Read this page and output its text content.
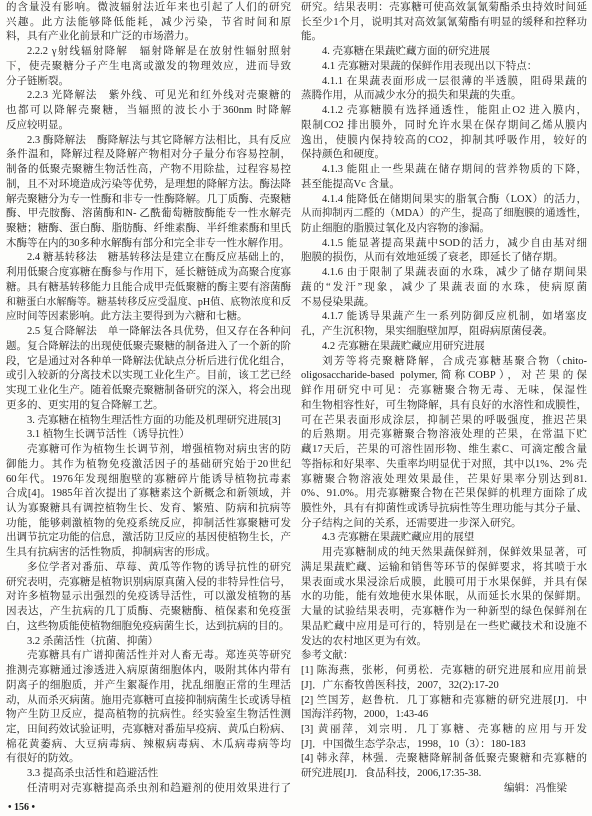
的含量没有影响。微波辐射法近年来也引起了人们的研究
兴趣。此方法能够降低能耗，减少污染，节省时间和原
料，具有产业化前景和广泛的市场潜力。
2.2.2 γ射线辐射降解　辐射降解是在放射性辐射照射
下，使壳聚糖分子产生电离或激发的物理效应，进而导致
分子链断裂。
2.2.3 光降解法　紫外线、可见光和红外线对壳聚糖的
也都可以降解壳聚糖，当辐照的波长小于360nm 时降解
反应较明显。
2.3 酶降解法　酶降解法与其它降解方法相比，具有反应
条件温和，降解过程及降解产物相对分子量分布容易控制，
制备的低聚壳聚糖生物活性高，产物不用除盐，过程容易控
制，且不对环境造成污染等优势，是理想的降解方法。酶法降
解壳聚糖分为专一性酶和非专一性酶降解。几丁质酶、壳聚糖
酶、甲壳胺酶、溶菌酶和N- 乙酰葡萄糖胺酶能专一性水解壳
聚糖；糖酶、蛋白酶、脂肪酶、纤维素酶、半纤维素酶和里氏
木酶等在内的30多种水解酶有部分和完全非专一性水解作用。
2.4 糖基转移法　糖基转移法是建立在酶反应基础上的，
利用低聚合度寡糖在酶参与作用下，延长糖链成为高聚合度寡
糖。具有糖基转移能力且能合成甲壳低聚糖的酶主要有溶菌酶
和糖蛋白水解酶等。糖基转移反应受温度、pH值、底物浓度和反
应时间等因素影响。此方法主要得到为六糖和七糖。
2.5 复合降解法　单一降解法各具优势，但又存在各种问
题。复合降解法的出现使低聚壳聚糖的制备进入了一个新的阶
段，它是通过对各种单一降解法优缺点分析后进行优化组合，
或引入较新的分离技术以实现工业化生产。目前，该工艺已经
实现工业化生产。随着低聚壳聚糖制备研究的深入，将会出现
更多的、更实用的复合降解工艺。
3. 壳寡糖在植物生理活性方面的功能及机理研究进展[3]
3.1 植物生长调节活性（诱导抗性）
壳寡糖可作为植物生长调节剂，增强植物对病虫害的防
御能力。其作为植物免疫激活因子的基础研究始于20世纪
60年代。1976年发现细胞壁的寡糖碎片能诱导植物抗毒素
合成[4]。1985年首次提出了寡糖素这个新概念和新领域，并
认为寡聚糖具有调控植物生长、发育、繁殖、防病和抗病等
功能，能够刺激植物的免疫系统反应，抑制活性寡聚糖可发
出调节抗定功能的信息，激活防卫反应的基因使植物生长，产
生具有抗病害的活性物质，抑制病害的形成。
多位学者对番茄、草莓、黄瓜等作物的诱导抗性的研究
研究表明，壳寡糖是植物识别病原真菌入侵的非特异性信号，
对许多植物显示出强烈的免疫诱导活性，可以激发植物的基
因表达，产生抗病的几丁质酶、壳聚糖酶、植保素和免疫蛋
白，这些物质能使植物细胞免疫病菌生长，达到抗病的目的。
3.2 杀菌活性（抗菌、抑菌）
壳寡糖具有广谱抑菌活性并对人畜无毒。郑连英等研究
推测壳寡糖通过渗透进入病原菌细胞体内，吸附其体内带有
阴离子的细胞质，并产生絮凝作用，扰乱细胞正常的生理活
动，从而杀灭病菌。施用壳寡糖可直接抑制病菌生长或诱导植
物产生防卫反应，提高植物的抗病性。经实验室生物活性测
定，田间药效试验证明，壳寡糖对番茄早疫病、黄瓜白粉病、
棉花黄萎病、大豆病毒病、辣椒病毒病、木瓜病毒病等均
有很好的防效。
3.3 提高杀虫活性和趋避活性
任清明对壳寡糖提高杀虫剂和趋避剂的使用效果进行了
研究。结果表明：壳寡糖可使高效氯氰菊酯杀虫持效时间延
长至少1个月，说明其对高效氯氰菊酯有明显的缓释和控释功
能。
4. 壳寡糖在果蔬贮藏方面的研究进展
4.1 壳寡糖对果蔬的保鲜作用表现出以下特点：
4.1.1 在果蔬表面形成一层很薄的半透膜，阻碍果蔬的
蒸腾作用，从而减少水分的损失和果蔬的失重。
4.1.2 壳寡糖膜有选择通透性，能阻止O2 进入膜内，
限制CO2 排出膜外，同时允许水果在保存期间乙烯从膜内
逸出，使膜内保持较高的CO2，抑制其呼吸作用，较好的
保持颜色和硬度。
4.1.3 能阻止一些果蔬在储存期间的营养物质的下降，
甚至能提高Vc 含量。
4.1.4 能降低在储期间果实的脂氧合酶（LOX）的活力，
从而抑制丙二醛的（MDA）的产生，提高了细胞膜的通透性，
防止细胞的脂膜过氧化及内容物的渗漏。
4.1.5 能显著提高果蔬中SOD的活力，减少自由基对细
胞膜的损伤，从而有效地延缓了衰老，即延长了储存期。
4.1.6 由于限制了果蔬表面的水珠，减少了储存期间果
蔬的“发汗”现象，减少了果蔬表面的水珠，使病原菌
不易侵染果蔬。
4.1.7 能诱导果蔬产生一系列防御反应机制，如堵塞皮
孔，产生沉积物，果实细胞壁加厚，阻碍病原菌侵袭。
4.2 壳寡糖在果蔬贮藏应用研究进展
刘芳等将壳聚糖降解，合成壳寡糖基聚合物（chito-
oligosaccharide-based polymer,简称COBP），对芒果的保
鲜作用研究中可见：壳寡糖聚合物无毒、无味，保湿性
和生物相容性好，可生物降解，具有良好的水溶性和成膜性，
可在芒果表面形成涂层，抑制芒果的呼吸强度，推迟芒果
的后熟期。用壳寡糖聚合物溶液处理的芒果，在常温下贮
藏17天后，芒果的可溶性固形物、维生素C、可滴定酸含量
等指标和好果率、失重率均明显优于对照，其中以1%、2% 壳
寡糖聚合物溶液处理效果最佳，芒果好果率分别达到81.
0%、91.0%。用壳寡糖聚合物在芒果保鲜的机理方面除了成
膜性外，具有有抑菌性或诱导抗病性等生理功能与其分子量、
分子结构之间的关系，还需要进一步深入研究。
4.3 壳寡糖在果蔬贮藏应用的展望
用壳寡糖制成的纯天然果蔬保鲜剂，保鲜效果显著，可
满足果蔬贮藏、运输和销售等环节的保鲜要求，将其喷于水
果表面或水果浸涂后成膜，此膜可用于水果保鲜，并具有保
水的功能，能有效地使水果体眠，从而延长水果的保鲜期。
大量的试验结果表明，壳寡糖作为一种新型的绿色保鲜剂在
果品贮藏中应用是可行的，特别是在一些贮藏技术和设施不
发达的农村地区更为有效。
参考文献：
[1] 陈海燕，张彬，何勇松．壳寡糖的研究进展和应用前景
[J]．广东畜牧兽医科技，2007，32(2):17-20
[2] 竺国芳，赵鲁杭．几丁寡糖和壳寡糖的研究进展[J]．中
国海洋药物，2000，1:43-46
[3] 黄丽萍，刘宗明．几丁寡糖、壳寡糖的应用与开发
[J]．中国微生态学杂志，1998，10（3）：180-183
[4] 韩永萍，林强．壳聚糖降解制备低聚壳聚糖和壳寡糖的
研究进展[J]．食品科技，2006,17:35-38.
编辑：冯惟梁
• 156 •
